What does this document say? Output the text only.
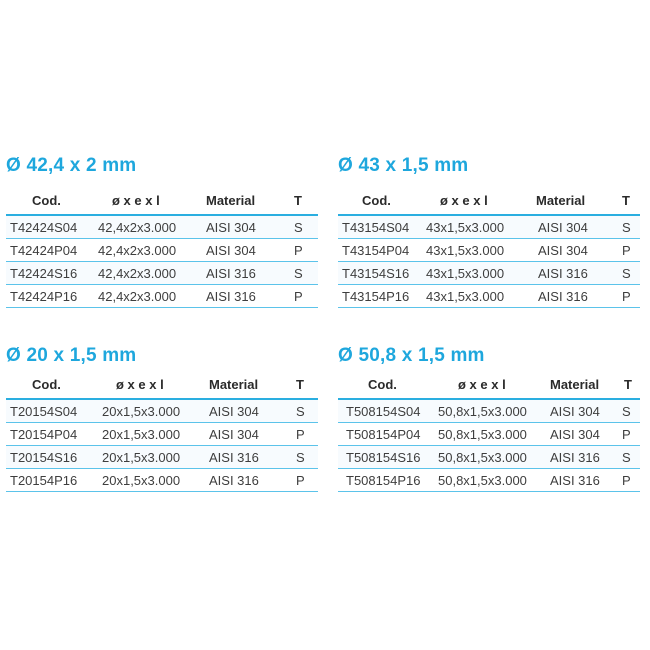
Ø 42,4 x 2 mm
Cod.	ø x e x l	Material	T
T42424S04 42,4x2x3.000 AISI 304	S
T42424P04 42,4x2x3.000 AISI 304	P
T42424S16 42,4x2x3.000 AISI 316	S
T42424P16 42,4x2x3.000 AISI 316	P
Ø 43 x 1,5 mm
Cod.	ø x e x l	Material	T
T43154S04 43x1,5x3.000	AISI 304	S
T43154P04 43x1,5x3.000	AISI 304	P
T43154S16 43x1,5x3.000	AISI 316	S
T43154P16 43x1,5x3.000	AISI 316	P
Ø 20 x 1,5 mm
Cod.	ø x e x l	Material	T
T20154S04 20x1,5x3.000 AISI 304	S
T20154P04 20x1,5x3.000 AISI 304	P
T20154S16 20x1,5x3.000 AISI 316	S
T20154P16 20x1,5x3.000 AISI 316	P
Ø 50,8 x 1,5 mm
Cod.	ø x e x l	Material T
T508154S04 50,8x1,5x3.000 AISI 304 S
T508154P04 50,8x1,5x3.000 AISI 304 P
T508154S16 50,8x1,5x3.000 AISI 316 S
T508154P16 50,8x1,5x3.000 AISI 316 P
